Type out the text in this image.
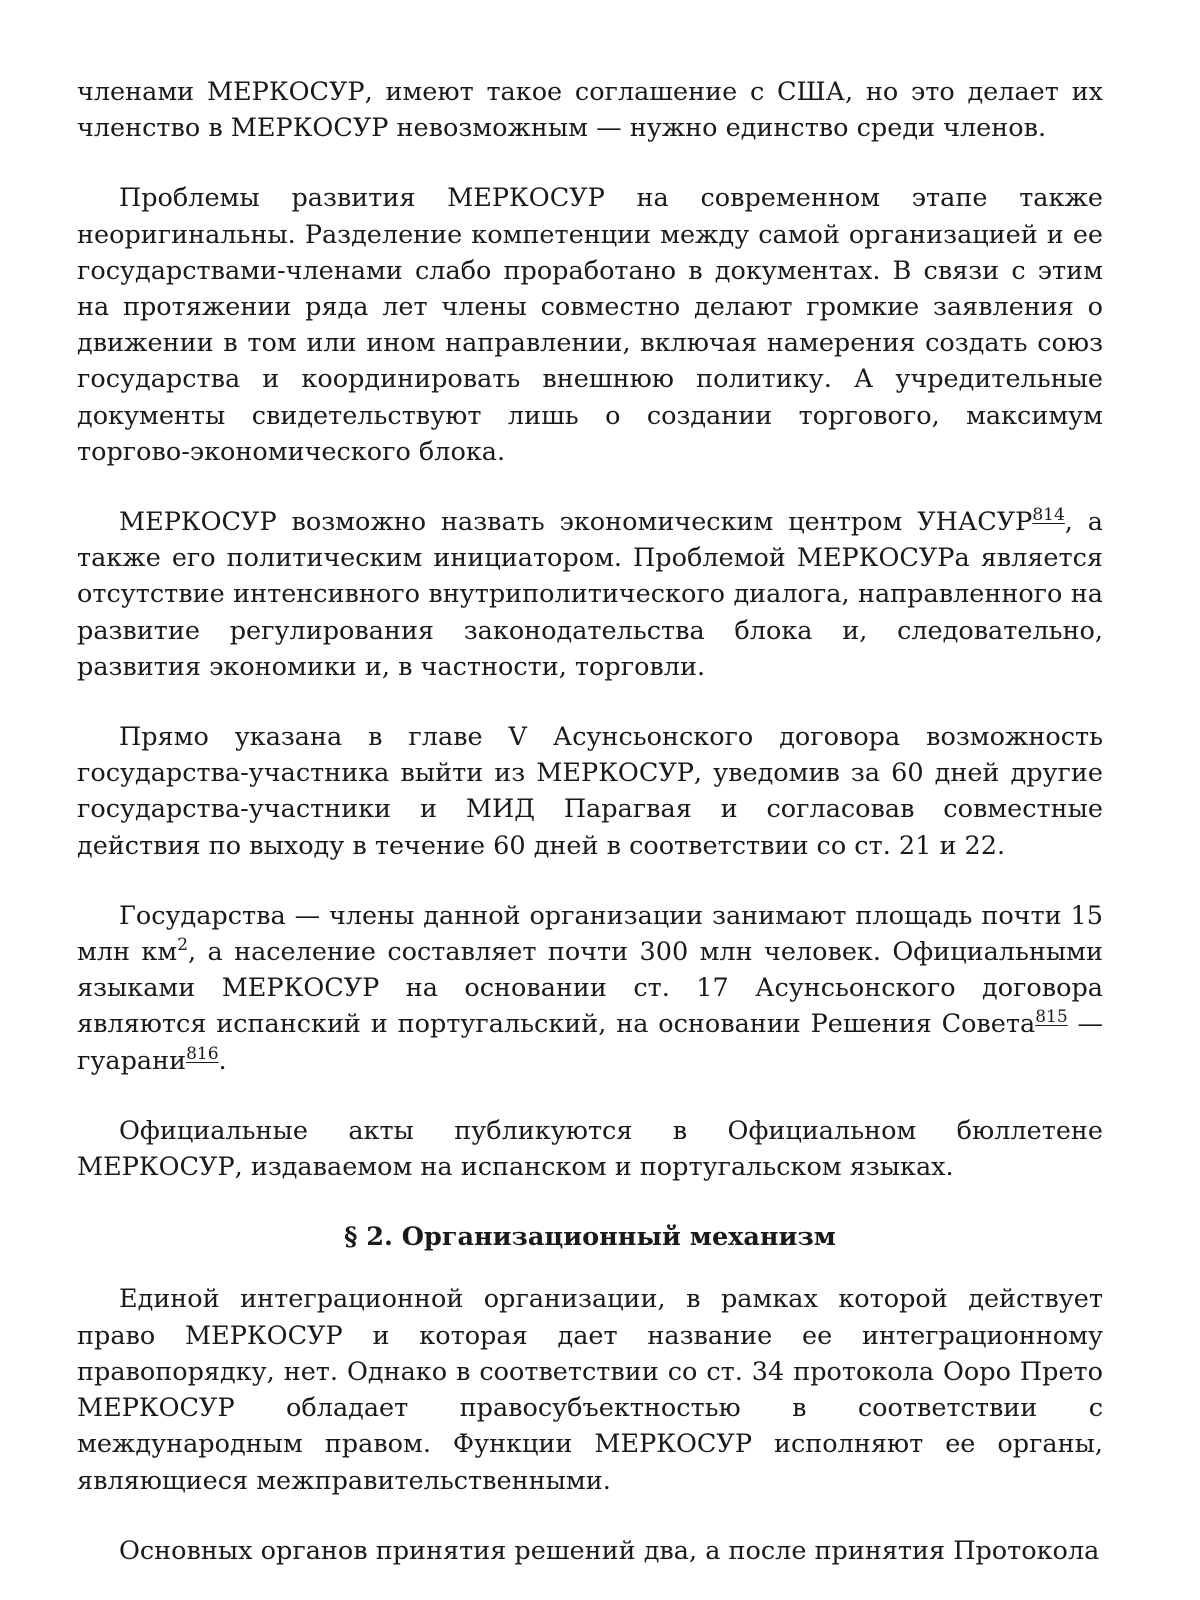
членами МЕРКОСУР, имеют такое соглашение с США, но это делает их членство в МЕРКОСУР невозможным — нужно единство среди членов.

Проблемы развития МЕРКОСУР на современном этапе также неоригинальны. Разделение компетенции между самой организацией и ее государствами-членами слабо проработано в документах. В связи с этим на протяжении ряда лет члены совместно делают громкие заявления о движении в том или ином направлении, включая намерения создать союз государства и координировать внешнюю политику. А учредительные документы свидетельствуют лишь о создании торгового, максимум торгово-экономического блока.

МЕРКОСУР возможно назвать экономическим центром УНАСУР$^{814}$, а также его политическим инициатором. Проблемой МЕРКОСУРа является отсутствие интенсивного внутриполитического диалога, направленного на развитие регулирования законодательства блока и, следовательно, развития экономики и, в частности, торговли.

Прямо указана в главе V Асунсьонского договора возможность государства-участника выйти из МЕРКОСУР, уведомив за 60 дней другие государства-участники и МИД Парагвая и согласовав совместные действия по выходу в течение 60 дней в соответствии со ст. 21 и 22.

Государства — члены данной организации занимают площадь почти 15 млн $км^2$, а население составляет почти 300 млн человек. Официальными языками МЕРКОСУР на основании ст. 17 Асунсьонского договора являются испанский и португальский, на основании Решения Совета$^{815}$ — гуарани$^{816}$.

Официальные акты публикуются в Официальном бюллетене МЕРКОСУР, издаваемом на испанском и португальском языках.

§ 2. Организационный механизм

Единой интеграционной организации, в рамках которой действует право МЕРКОСУР и которая дает название ее интеграционному правопорядку, нет. Однако в соответствии со ст. 34 протокола Ооро Прето МЕРКОСУР обладает правосубъектностью в соответствии с международным правом. Функции МЕРКОСУР исполняют ее органы, являющиеся межправительственными.

Основных органов принятия решений два, а после принятия Протокола
